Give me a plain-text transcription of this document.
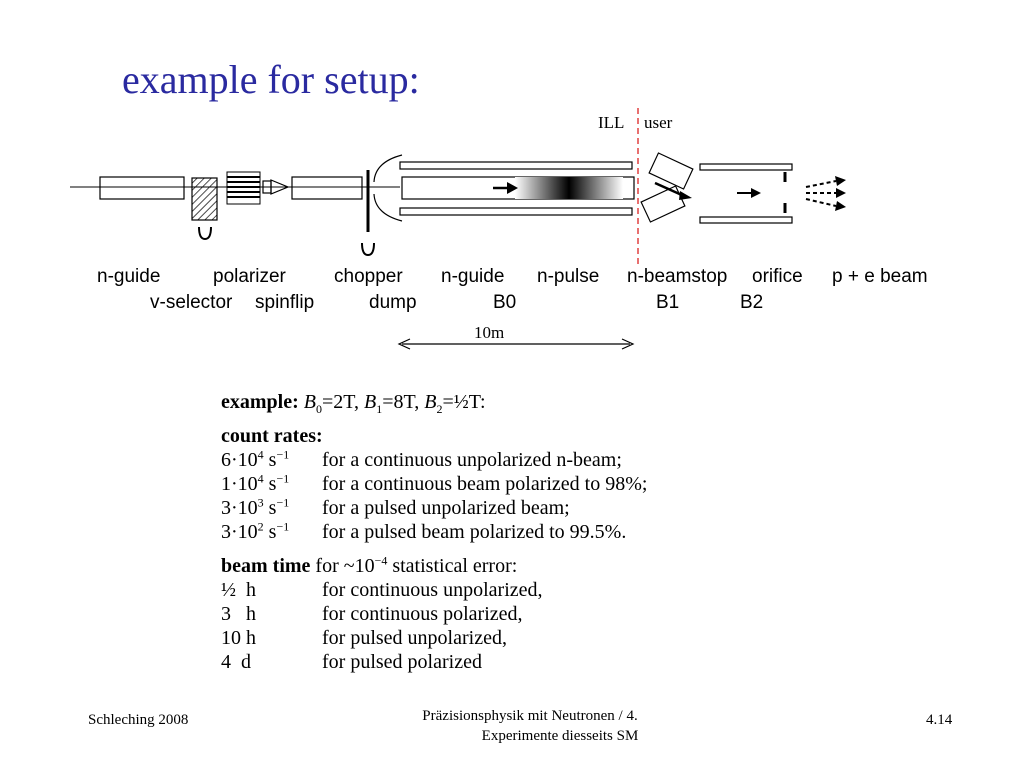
example for setup:
ILL user
n-guide	polarizer	chopper n-guide n-pulse n-beamstop orifice p + e beam
v-selector spinflip	dump	B0	B1	B2
10m
example: $B_0=2T$, $B_1=8T$, $B_2=\frac{1}{2}T$:
count rates:
$6\cdot 10^4$ $s^{-1}$	for a continuous unpolarized n-beam;
$1\cdot 10^4$ $s^{-1}$	for a continuous beam polarized to 98%;
$3\cdot 10^3$ $s^{-1}$	for a pulsed unpolarized beam;
$3\cdot 10^2$ $s^{-1}$	for a pulsed beam polarized to 99.5%.
beam time for $\sim 10^{-4}$ statistical error:
½  h	for continuous unpolarized,
3   h	for continuous polarized,
10 h	for pulsed unpolarized,
4  d	for pulsed polarized
Schleching 2008	Präzisionsphysik mit Neutronen / 4.
Experimente diesseits SM
4.14
